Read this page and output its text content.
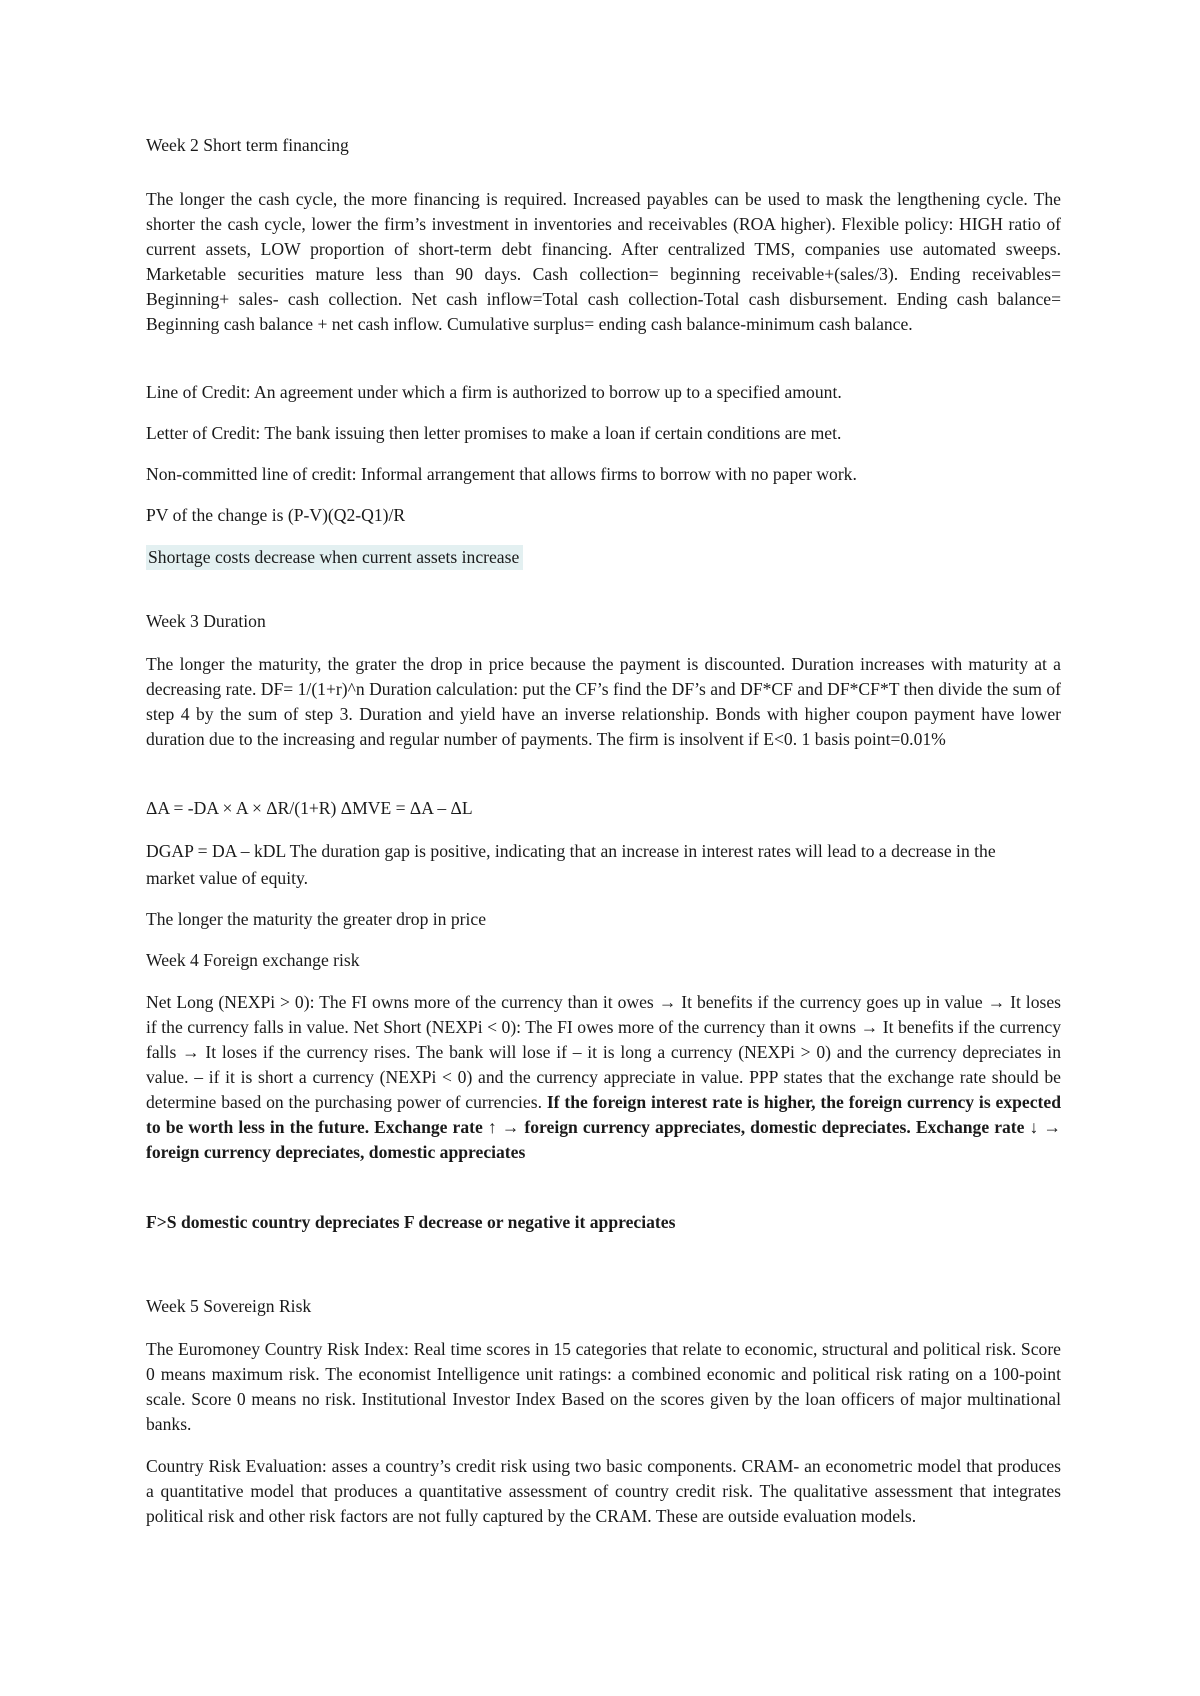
Week 2 Short term financing

The longer the cash cycle, the more financing is required. Increased payables can be used to mask the lengthening cycle. The shorter the cash cycle, lower the firm’s investment in inventories and receivables (ROA higher). Flexible policy: HIGH ratio of current assets, LOW proportion of short-term debt financing. After centralized TMS, companies use automated sweeps. Marketable securities mature less than 90 days. Cash collection= beginning receivable+(sales/3). Ending receivables= Beginning+ sales- cash collection. Net cash inflow=Total cash collection-Total cash disbursement. Ending cash balance= Beginning cash balance + net cash inflow. Cumulative surplus= ending cash balance-minimum cash balance.

Line of Credit: An agreement under which a firm is authorized to borrow up to a specified amount.

Letter of Credit: The bank issuing then letter promises to make a loan if certain conditions are met.

Non-committed line of credit: Informal arrangement that allows firms to borrow with no paper work.

PV of the change is (P-V)(Q2-Q1)/R

Shortage costs decrease when current assets increase

Week 3 Duration

The longer the maturity, the grater the drop in price because the payment is discounted. Duration increases with maturity at a decreasing rate. DF= 1/(1+r)^n Duration calculation: put the CF’s find the DF’s and DF*CF and DF*CF*T then divide the sum of step 4 by the sum of step 3. Duration and yield have an inverse relationship. Bonds with higher coupon payment have lower duration due to the increasing and regular number of payments. The firm is insolvent if E<0. 1 basis point=0.01%

ΔA = -DA × A × ΔR/(1+R) ΔMVE = ΔA – ΔL

DGAP = DA – kDL The duration gap is positive, indicating that an increase in interest rates will lead to a decrease in the market value of equity.

The longer the maturity the greater drop in price

Week 4 Foreign exchange risk

Net Long (NEXPi > 0): The FI owns more of the currency than it owes → It benefits if the currency goes up in value → It loses if the currency falls in value. Net Short (NEXPi < 0): The FI owes more of the currency than it owns → It benefits if the currency falls → It loses if the currency rises. The bank will lose if – it is long a currency (NEXPi > 0) and the currency depreciates in value. – if it is short a currency (NEXPi < 0) and the currency appreciate in value. PPP states that the exchange rate should be determine based on the purchasing power of currencies. If the foreign interest rate is higher, the foreign currency is expected to be worth less in the future. Exchange rate ↑ → foreign currency appreciates, domestic depreciates. Exchange rate ↓ → foreign currency depreciates, domestic appreciates

F>S domestic country depreciates F decrease or negative it appreciates

Week 5 Sovereign Risk

The Euromoney Country Risk Index: Real time scores in 15 categories that relate to economic, structural and political risk. Score 0 means maximum risk. The economist Intelligence unit ratings: a combined economic and political risk rating on a 100-point scale. Score 0 means no risk. Institutional Investor Index Based on the scores given by the loan officers of major multinational banks.

Country Risk Evaluation: asses a country’s credit risk using two basic components. CRAM- an econometric model that produces a quantitative model that produces a quantitative assessment of country credit risk. The qualitative assessment that integrates political risk and other risk factors are not fully captured by the CRAM. These are outside evaluation models.
